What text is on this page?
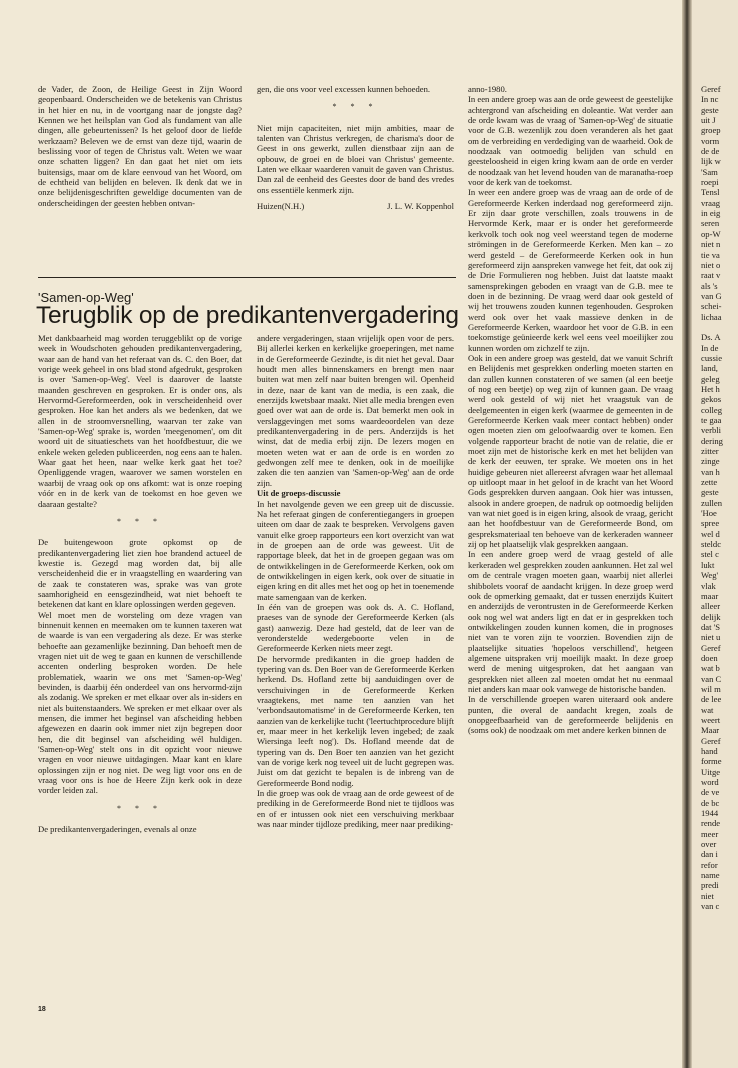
de Vader, de Zoon, de Heilige Geest in Zijn Woord geopenbaard. Onderscheiden we de betekenis van Christus in het hier en nu, in de voortgang naar de jongste dag? Kennen we het heilsplan van God als fundament van alle dingen, alle gebeurtenissen? Is het geloof door de liefde werkzaam? Beleven we de ernst van deze tijd, waarin de beslissing voor of tegen de Christus valt. Weten we waar onze schatten liggen? En dan gaat het niet om iets buitensigs, maar om de klare eenvoud van het Woord, om de echtheid van belijden en beleven. Ik denk dat we in onze belijdenisgeschriften geweldige documenten van de onderscheidingen der geesten hebben ontvan-

gen, die ons voor veel excessen kunnen behoeden.

* * *

Niet mijn capaciteiten, niet mijn ambities, maar de talenten van Christus verkregen, de charisma's door de Geest in ons gewerkt, zullen dienstbaar zijn aan de opbouw, de groei en de bloei van Christus' gemeente. Laten we elkaar waarderen vanuit de gaven van Christus. Dan zal de eenheid des Geestes door de band des vredes ons essentiële kenmerk zijn.

Huizen(N.H.)	J. L. W. Koppenhol
'Samen-op-Weg'
Terugblik op de predikantenvergadering

Met dankbaarheid mag worden teruggeblikt op de vorige week in Woudschoten gehouden predikantenvergadering, waar aan de hand van het referaat van ds. C. den Boer, dat vorige week geheel in ons blad stond afgedrukt, gesproken is over 'Samen-op-Weg'. Veel is daarover de laatste maanden geschreven en gesproken. Er is onder ons, als Hervormd-Gereformeerden, ook in verscheidenheid over gesproken. Hoe kan het anders als we bedenken, dat we allen in de stroomversnelling, waarvan ter zake van 'Samen-op-Weg' sprake is, worden 'meegenomen', om dit woord uit de situatieschets van het hoofdbestuur, die we enkele weken geleden publiceerden, nog eens aan te halen. Waar gaat het heen, naar welke kerk gaat het toe? Openliggende vragen, waarover we samen worstelen en waarbij de vraag ook op ons afkomt: wat is onze roeping vóór en in de kerk van de toekomst en hoe geven we daaraan gestalte?

* * *

De buitengewoon grote opkomst op de predikantenvergadering liet zien hoe brandend actueel de kwestie is. Gezegd mag worden dat, bij alle verscheidenheid die er in vraagstelling en waardering van de zaak te constateren was, sprake was van grote saamhorigheid en eensgezindheid, wat niet behoeft te betekenen dat kant en klare oplossingen werden gegeven.

Wel moet men de worsteling om deze vragen van binnenuit kennen en meemaken om te kunnen taxeren wat de waarde is van een vergadering als deze. Er was sterke behoefte aan gezamenlijke bezinning. Dan behoeft men de vragen niet uit de weg te gaan en kunnen de verschillende accenten onderling besproken worden. De hele problematiek, waarin we ons met 'Samen-op-Weg' bevinden, is daarbij één onderdeel van ons hervormd-zijn als zodanig. We spreken er met elkaar over als in-siders en niet als buitenstaanders. We spreken er met elkaar over als mensen, die immer het beginsel van afscheiding hebben afgewezen en daarin ook immer niet zijn begrepen door hen, die dit beginsel van afscheiding wél huldigen. 'Samen-op-Weg' stelt ons in dit opzicht voor nieuwe vragen en voor nieuwe uitdagingen. Maar kant en klare oplossingen zijn er nog niet. De weg ligt voor ons en de vraag voor ons is hoe de Heere Zijn kerk ook in deze vorder leiden zal.

* * *

De predikantenvergaderingen, evenals al onze

andere vergaderingen, staan vrijelijk open voor de pers. Bij allerlei kerken en kerkelijke groeperingen, met name in de Gereformeerde Gezindte, is dit niet het geval. Daar houdt men alles binnenskamers en brengt men naar buiten wat men zelf naar buiten brengen wil. Openheid in deze, naar de kant van de media, is een zaak, die enerzijds kwetsbaar maakt. Niet alle media brengen even goed over wat aan de orde is. Dat bemerkt men ook in verslaggevingen met soms waardeoordelen van deze predikantenvergadering in de pers. Anderzijds is het winst, dat de media erbij zijn. De lezers mogen en moeten weten wat er aan de orde is en worden zo gedwongen zelf mee te denken, ook in de moeilijke zaken die ten aanzien van 'Samen-op-Weg' aan de orde zijn.

Uit de groeps-discussie

In het navolgende geven we een greep uit de discussie. Na het referaat gingen de conferentiegangers in groepen uiteen om daar de zaak te bespreken. Vervolgens gaven vanuit elke groep rapporteurs een kort overzicht van wat in de groepen aan de orde was geweest. Uit de rapportage bleek, dat het in de groepen gegaan was om de ontwikkelingen in de Gereformeerde Kerken, ook om de ontwikkelingen in eigen kerk, ook over de situatie in eigen kring en dit alles met het oog op het in toenemende mate samengaan van de kerken.

In één van de groepen was ook ds. A. C. Hofland, praeses van de synode der Gereformeerde Kerken (als gast) aanwezig. Deze had gesteld, dat de leer van de veronderstelde wedergeboorte velen in de Gereformeerde Kerken niets meer zegt.

De hervormde predikanten in die groep hadden de typering van ds. Den Boer van de Gereformeerde Kerken herkend. Ds. Hofland zette bij aanduidingen over de verschuivingen in de Gereformeerde Kerken vraagtekens, met name ten aanzien van het 'verbondsautomatisme' in de Gereformeerde Kerken, ten aanzien van de kerkelijke tucht ('leertuchtprocedure blijft er, maar meer in het kerkelijk leven ingebed; de zaak Wiersinga leeft nog'). Ds. Hofland meende dat de typering van ds. Den Boer ten aanzien van het gezicht van de vorige kerk nog teveel uit de lucht gegrepen was. Juist om dat gezicht te bepalen is de inbreng van de Gereformeerde Bond nodig.

In die groep was ook de vraag aan de orde geweest of de prediking in de Gereformeerde Bond niet te tijdloos was en of er intussen ook niet een verschuiving merkbaar was naar minder tijdloze prediking, meer naar prediking-

anno-1980.

In een andere groep was aan de orde geweest de geestelijke achtergrond van afscheiding en doleantie. Wat verder aan de orde kwam was de vraag of 'Samen-op-Weg' de situatie voor de G.B. wezenlijk zou doen veranderen als het gaat om de verbreiding en verdediging van de waarheid. Ook de noodzaak van ootmoedig belijden van schuld en geesteloosheid in eigen kring kwam aan de orde en verder de noodzaak van het levend houden van de maranatha-roep voor de kerk van de toekomst.

In weer een andere groep was de vraag aan de orde of de Gereformeerde Kerken inderdaad nog gereformeerd zijn. Er zijn daar grote verschillen, zoals trouwens in de Hervormde Kerk, maar er is onder het gereformeerde kerkvolk toch ook nog veel weerstand tegen de moderne strömingen in de Gereformeerde Kerken. Men kan – zo werd gesteld – de Gereformeerde Kerken ook in hun gereformeerd zijn aanspreken vanwege het feit, dat ook zij de Drie Formulieren nog hebben. Juist dat laatste maakt samensprekingen geboden en vraagt van de G.B. mee te doen in de bezinning. De vraag werd daar ook gesteld of wij het trouwens zouden kunnen tegenhouden. Gesproken werd ook over het vaak massieve denken in de Gereformeerde Kerken, waardoor het voor de G.B. in een toekomstige geünieerde kerk wel eens veel moeilijker zou kunnen worden om zichzelf te zijn.

Ook in een andere groep was gesteld, dat we vanuit Schrift en Belijdenis met gesprekken onderling moeten starten en dan zullen kunnen constateren of we samen (al een beetje of nog een beetje) op weg zijn of kunnen gaan. De vraag werd ook gesteld of wij niet het vraagstuk van de deelgemeenten in eigen kerk (waarmee de gemeenten in de Gereformeerde Kerken vaak meer contact hebben) onder ogen moeten zien om geloofwaardig over te komen. Een volgende rapporteur bracht de notie van de relatie, die er moet zijn met de historische kerk en met het belijden van de kerk der eeuwen, ter sprake. We moeten ons in het huidige gebeuren niet allereerst afvragen waar het allemaal op uitloopt maar in het geloof in de kracht van het Woord Gods gesprekken durven aangaan. Ook hier was intussen, alsook in andere groepen, de nadruk op ootmoedig belijden van wat niet goed is in eigen kring, alsook de vraag, gericht aan het hoofdbestuur van de Gereformeerde Bond, om gespreksmateriaal ten behoeve van de kerkeraden wanneer zij op het plaatselijk vlak gesprekken aangaan.

In een andere groep werd de vraag gesteld of alle kerkeraden wel gesprekken zouden aankunnen. Het zal wel om de centrale vragen moeten gaan, waarbij niet allerlei shibbolets vooraf de aandacht krijgen. In deze groep werd ook de opmerking gemaakt, dat er tussen enerzijds Kuitert en anderzijds de verontrusten in de Gereformeerde Kerken ook nog wel wat anders ligt en dat er in gesprekken toch ontwikkelingen zouden kunnen komen, die in prognoses niet van te voren zijn te voorzien. Bovendien zijn de plaatselijke situaties 'hopeloos verschillend', hetgeen algemene uitspraken vrij moeilijk maakt. In deze groep werd de mening uitgesproken, dat het aangaan van gesprekken niet alleen zal moeten omdat het nu eenmaal niet anders kan maar ook vanwege de historische banden.

In de verschillende groepen waren uiteraard ook andere punten, die overal de aandacht kregen, zoals de onopgeefbaarheid van de gereformeerde belijdenis en (soms ook) de noodzaak om met andere kerken binnen de

18
Geref
In nc
geste
uit J
groep
vorm
de de
lijk w
'Sam
roepi
Tensl
vraag
in eig
seren
op-W
niet n
tie va
niet o
raat v
als 's
van G
schei-
lichaa

Ds. A
In de
cussie
land,
geleg
Het h
gekos
colleg
te gaa
verbli
dering
zitter
zinge
van h
zette
geste
zullen
'Hoe
spree
wel d
steldc
stel c
lukt
Weg'
vlak
maar
alleer
delijk
dat 'S
niet u
Geref
doen
wat b
van C
wil m
de lee
wat
weert
Maar
Geref
hand
forme
Uitge
word
de ve
de bc
1944
rende
meer
over
dan i
refor
name
predi
niet
van c
